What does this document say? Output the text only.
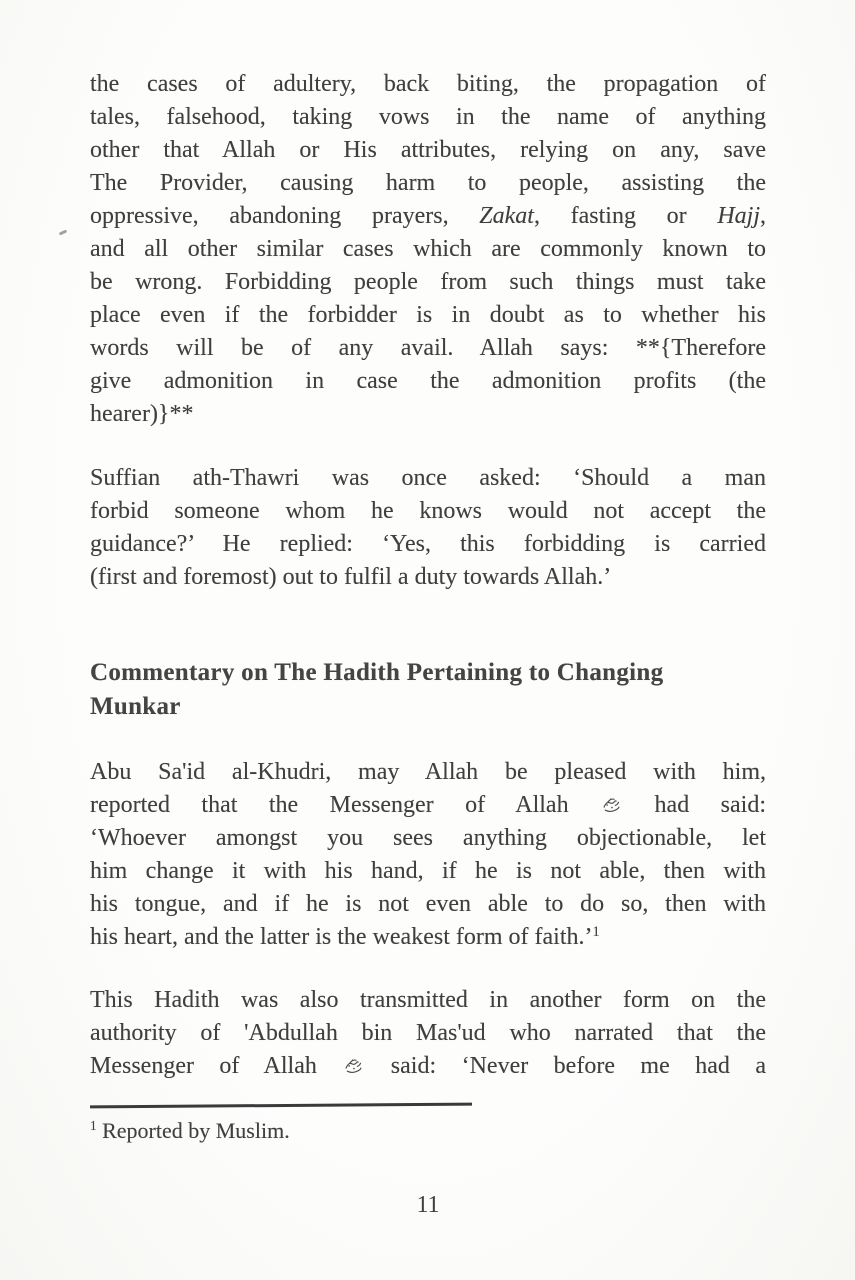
the cases of adultery, back biting, the propagation of
tales, falsehood, taking vows in the name of anything
other that Allah or His attributes, relying on any, save
The Provider, causing harm to people, assisting the
oppressive, abandoning prayers, Zakat, fasting or Hajj,
and all other similar cases which are commonly known to
be wrong. Forbidding people from such things must take
place even if the forbidder is in doubt as to whether his
words will be of any avail. Allah says: **{Therefore
give admonition in case the admonition profits (the
hearer)}**
Suffian ath-Thawri was once asked: ‘Should a man
forbid someone whom he knows would not accept the
guidance?’ He replied: ‘Yes, this forbidding is carried
(first and foremost) out to fulfil a duty towards Allah.’
Commentary on The Hadith Pertaining to Changing
Munkar
Abu Sa'id al-Khudri, may Allah be pleased with him,
reported that the Messenger of Allah  had said:
‘Whoever amongst you sees anything objectionable, let
him change it with his hand, if he is not able, then with
his tongue, and if he is not even able to do so, then with
his heart, and the latter is the weakest form of faith.’$^1$
This Hadith was also transmitted in another form on the
authority of 'Abdullah bin Mas'ud who narrated that the
Messenger of Allah  said: ‘Never before me had a
$^1$ Reported by Muslim.
11
